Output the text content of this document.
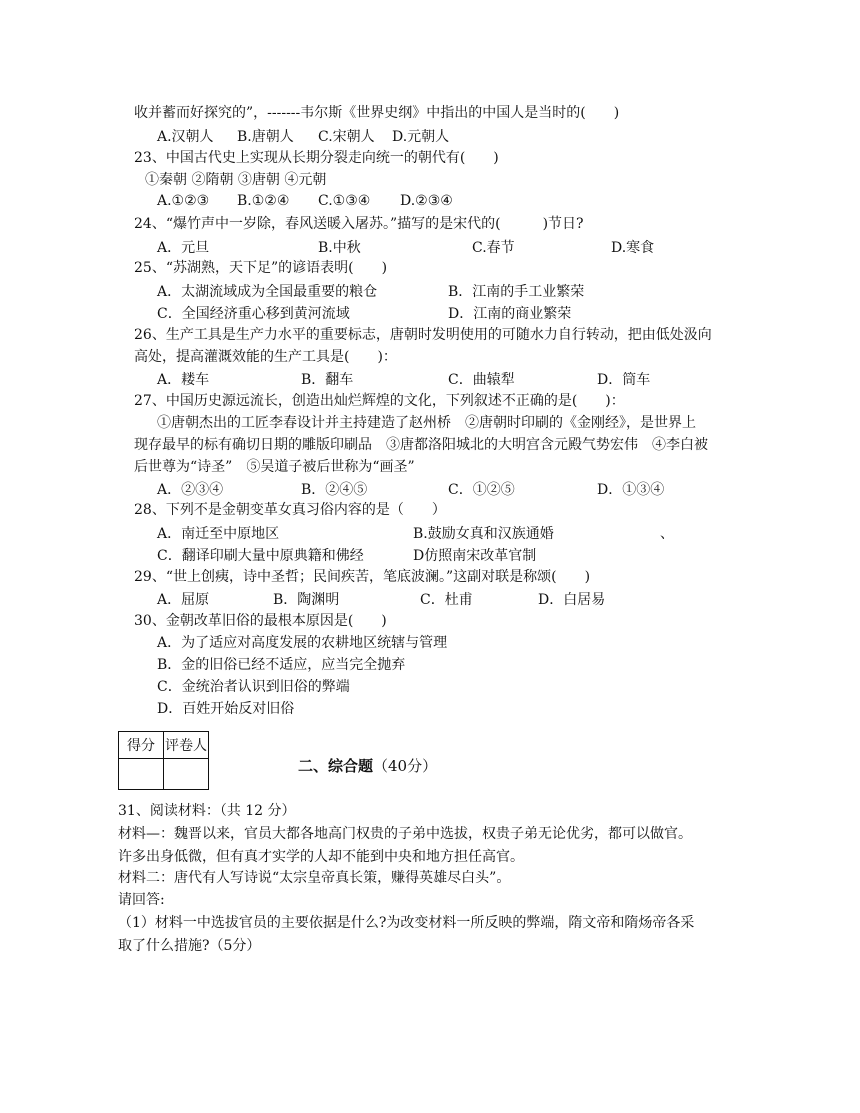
收并蓄而好探究的”，-------韦尔斯《世界史纲》中指出的中国人是当时的(　　)
A.汉朝人 B.唐朝人 C.宋朝人 D.元朝人
23、中国古代史上实现从长期分裂走向统一的朝代有(　　)
①秦朝 ②隋朝 ③唐朝 ④元朝
A.①②③ B.①②④ C.①③④ D.②③④
24、“爆竹声中一岁除，春风送暖入屠苏。”描写的是宋代的(　　　)节日?
A．元旦	B.中秋	C.春节	D.寒食
25、“苏湖熟，天下足”的谚语表明(　　)
A．太湖流域成为全国最重要的粮仓	B．江南的手工业繁荣
C．全国经济重心移到黄河流域	D．江南的商业繁荣
26、生产工具是生产力水平的重要标志，唐朝时发明使用的可随水力自行转动，把由低处汲向
高处，提高灌溉效能的生产工具是(　　)：
A．耧车	B．翻车	C．曲辕犁	D．筒车
27、中国历史源远流长，创造出灿烂辉煌的文化，下列叙述不正确的是(　　)：
①唐朝杰出的工匠李春设计并主持建造了赵州桥　②唐朝时印刷的《金刚经》，是世界上
现存最早的标有确切日期的雕版印刷品　③唐都洛阳城北的大明宫含元殿气势宏伟　④李白被
后世尊为“诗圣”　⑤吴道子被后世称为“画圣”
A．②③④	B．②④⑤	C．①②⑤	D．①③④
28、下列不是金朝变革女真习俗内容的是（　　）
A．南迁至中原地区	B.鼓励女真和汉族通婚	、
C．翻译印刷大量中原典籍和佛经	D仿照南宋改革官制
29、“世上创痍，诗中圣哲；民间疾苦，笔底波澜。”这副对联是称颂(　　)
A．屈原	B．陶渊明	C．杜甫	D．白居易
30、金朝改革旧俗的最根本原因是(　　)
A．为了适应对高度发展的农耕地区统辖与管理
B．金的旧俗已经不适应，应当完全抛弃
C．金统治者认识到旧俗的弊端
D．百姓开始反对旧俗
得分	评卷人

二、综合题（40分）
31、阅读材料：（共 12 分）
材料—：魏晋以来，官员大都各地高门权贵的子弟中选拔，权贵子弟无论优劣，都可以做官。
许多出身低微，但有真才实学的人却不能到中央和地方担任高官。
材料二：唐代有人写诗说“太宗皇帝真长策，赚得英雄尽白头”。
请回答:
（1）材料一中选拔官员的主要依据是什么?为改变材料一所反映的弊端，隋文帝和隋炀帝各采
取了什么措施?（5分）
